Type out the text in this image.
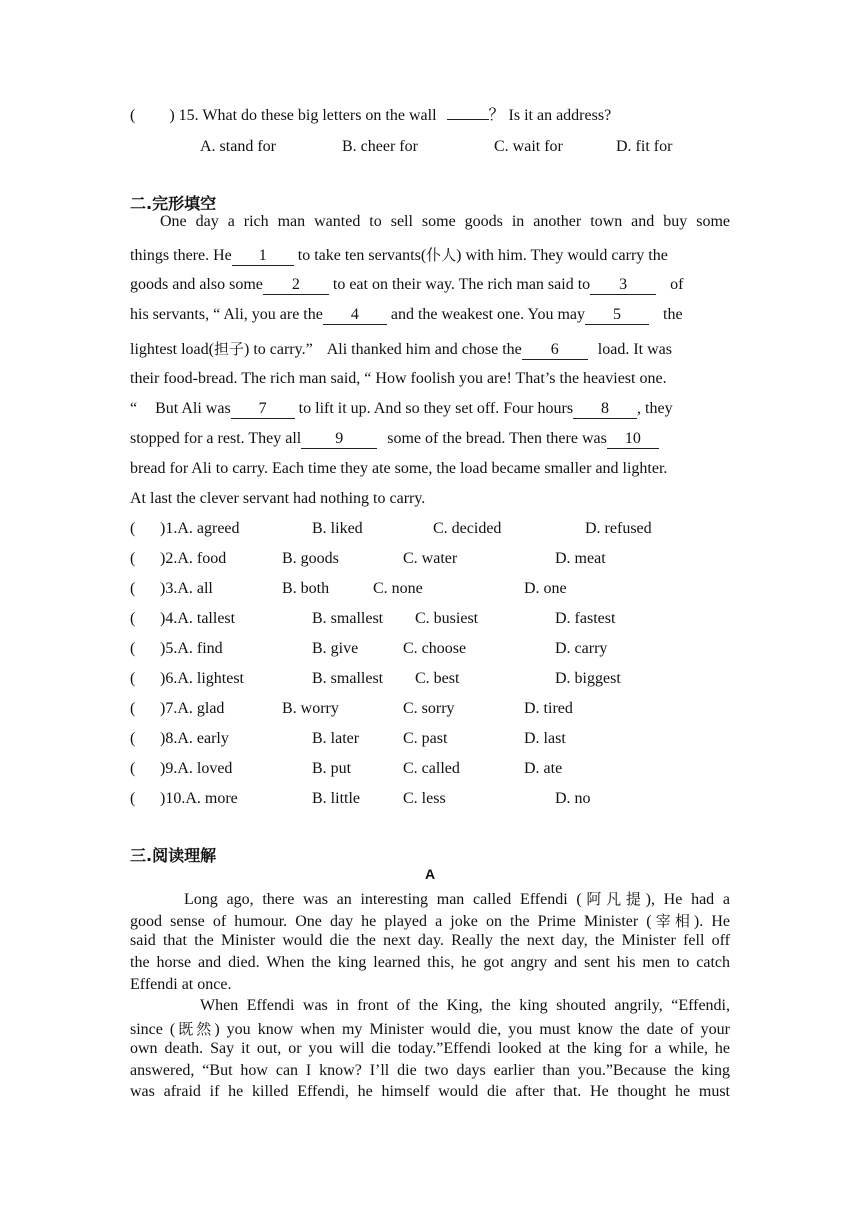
( ) 15. What do these big letters on the wall	？ Is it an address?
A. stand for	B. cheer for	C. wait for	D. fit for
二.完形填空
One day a rich man wanted to sell some goods in another town and buy some
things there. He 1 to take ten servants(仆人) with him. They would carry the
goods and also some 2 to eat on their way. The rich man said to 3	of
his servants, “ Ali, you are the 4 and the weakest one. You may 5	the
lightest load(担子) to carry.” Ali thanked him and chose the 6 load. It was
their food-bread. The rich man said, “ How foolish you are! That’s the heaviest one.
“ But Ali was 7 to lift it up. And so they set off. Four hours 8 , they
stopped for a rest. They all 9	some of the bread. Then there was 10
bread for Ali to carry. Each time they ate some, the load became smaller and lighter.
At last the clever servant had nothing to carry.
( )1.A. agreed	B. liked	C. decided	D. refused
( )2.A. food	B. goods	C. water	D. meat
( )3.A. all	B. both	C. none	D. one
( )4.A. tallest	B. smallest C. busiest	D. fastest
( )5.A. find	B. give	C. choose	D. carry
( )6.A. lightest	B. smallest C. best	D. biggest
( )7.A. glad	B. worry	C. sorry	D. tired
( )8.A. early	B. later	C. past	D. last
( )9.A. loved	B. put	C. called	D. ate
( )10.A. more	B. little	C. less	D. no
三.阅读理解
A
Long ago, there was an interesting man called Effendi (阿凡提), He had a
good sense of humour. One day he played a joke on the Prime Minister (宰相). He
said that the Minister would die the next day. Really the next day, the Minister fell off
the horse and died. When the king learned this, he got angry and sent his men to catch
Effendi at once.
When Effendi was in front of the King, the king shouted angrily, “Effendi,
since (既然) you know when my Minister would die, you must know the date of your
own death. Say it out, or you will die today.”Effendi looked at the king for a while, he
answered, “But how can I know? I’ll die two days earlier than you.”Because the king
was afraid if he killed Effendi, he himself would die after that. He thought he must
